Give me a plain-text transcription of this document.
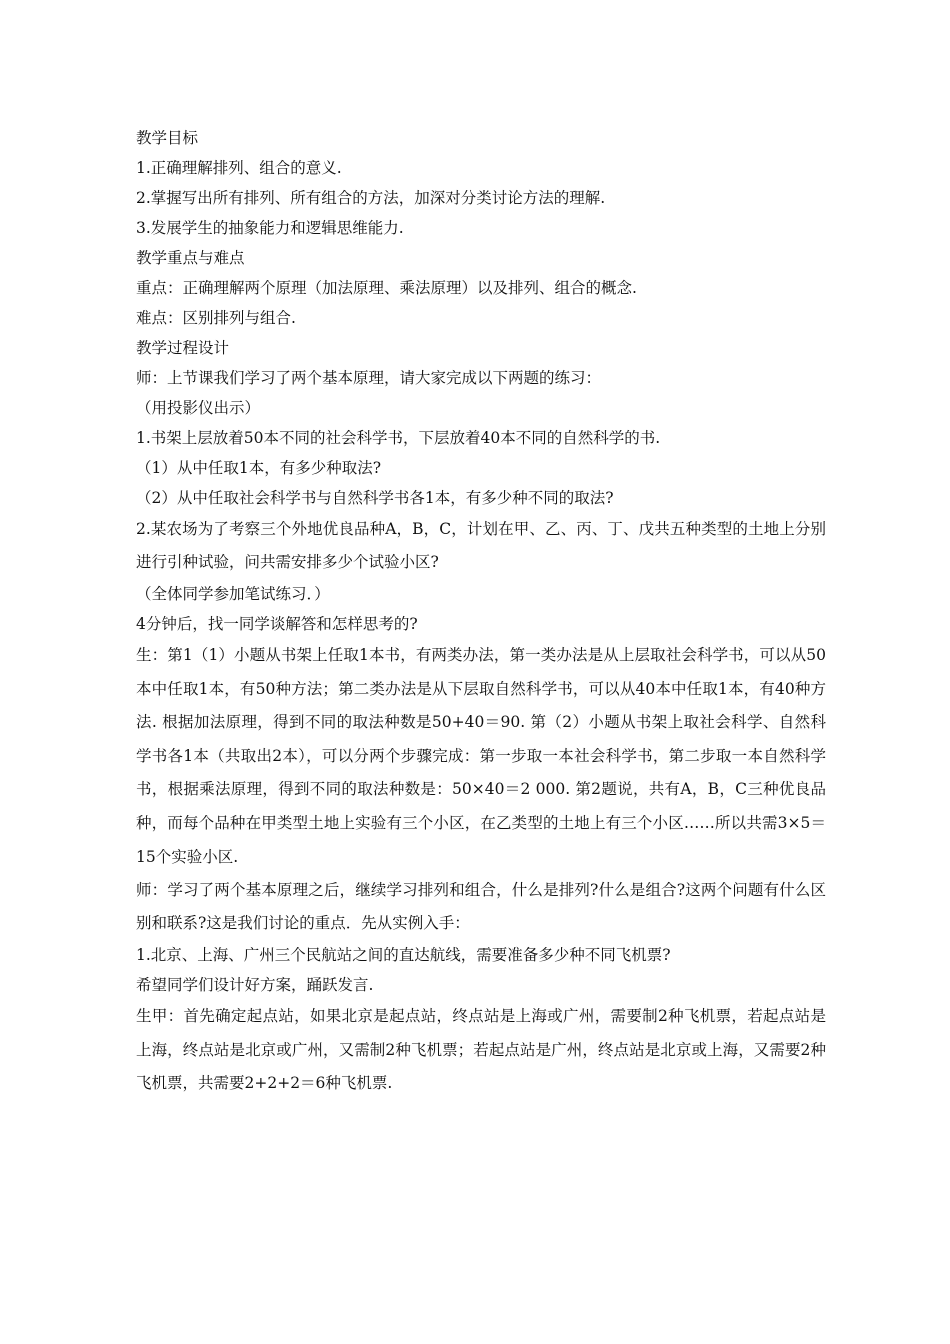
教学目标
1.正确理解排列、组合的意义.
2.掌握写出所有排列、所有组合的方法，加深对分类讨论方法的理解.
3.发展学生的抽象能力和逻辑思维能力.
教学重点与难点
重点：正确理解两个原理（加法原理、乘法原理）以及排列、组合的概念.
难点：区别排列与组合.
教学过程设计
师：上节课我们学习了两个基本原理，请大家完成以下两题的练习：
（用投影仪出示）
1.书架上层放着50本不同的社会科学书，下层放着40本不同的自然科学的书.
（1）从中任取1本，有多少种取法?
（2）从中任取社会科学书与自然科学书各1本，有多少种不同的取法?
2.某农场为了考察三个外地优良品种A，B，C，计划在甲、乙、丙、丁、戊共五种类型的土地上分别进行引种试验，问共需安排多少个试验小区?
（全体同学参加笔试练习．）
4分钟后，找一同学谈解答和怎样思考的?
生：第1（1）小题从书架上任取1本书，有两类办法，第一类办法是从上层取社会科学书，可以从50本中任取1本，有50种方法；第二类办法是从下层取自然科学书，可以从40本中任取1本，有40种方法. 根据加法原理，得到不同的取法种数是50+40＝90. 第（2）小题从书架上取社会科学、自然科学书各1本（共取出2本），可以分两个步骤完成：第一步取一本社会科学书，第二步取一本自然科学书，根据乘法原理，得到不同的取法种数是：50×40＝2 000. 第2题说，共有A，B，C三种优良品种，而每个品种在甲类型土地上实验有三个小区，在乙类型的土地上有三个小区……所以共需3×5＝15个实验小区.
师：学习了两个基本原理之后，继续学习排列和组合，什么是排列?什么是组合?这两个问题有什么区别和联系?这是我们讨论的重点．先从实例入手：
1.北京、上海、广州三个民航站之间的直达航线，需要准备多少种不同飞机票?
希望同学们设计好方案，踊跃发言.
生甲：首先确定起点站，如果北京是起点站，终点站是上海或广州，需要制2种飞机票，若起点站是上海，终点站是北京或广州，又需制2种飞机票；若起点站是广州，终点站是北京或上海，又需要2种飞机票，共需要2+2+2＝6种飞机票.
